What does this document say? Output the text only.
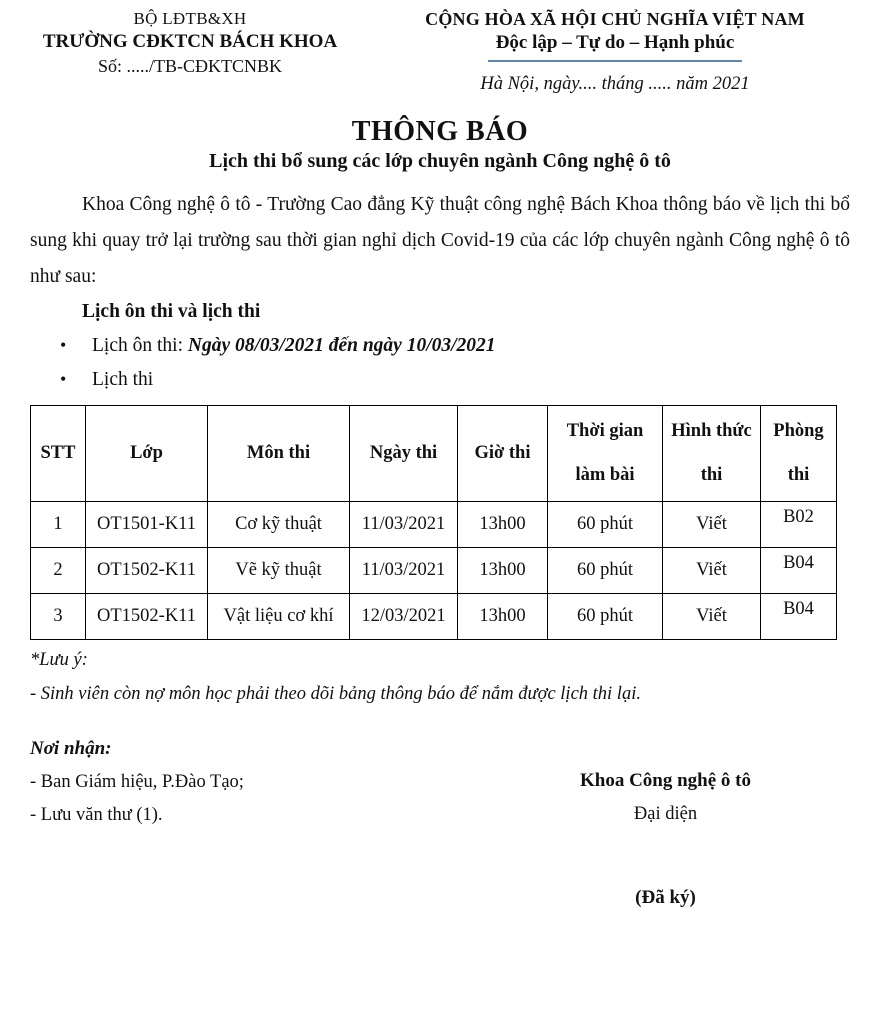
BỘ LĐTB&XH
TRƯỜNG CĐKTCN BÁCH KHOA
Số: ...../TB-CĐKTCNBK
CỘNG HÒA XÃ HỘI CHỦ NGHĨA VIỆT NAM
Độc lập – Tự do – Hạnh phúc
Hà Nội, ngày.... tháng ..... năm 2021
THÔNG BÁO
Lịch thi bổ sung các lớp chuyên ngành Công nghệ ô tô

Khoa Công nghệ ô tô - Trường Cao đẳng Kỹ thuật công nghệ Bách Khoa thông báo về lịch thi bổ sung khi quay trở lại trường sau thời gian nghỉ dịch Covid-19 của các lớp chuyên ngành Công nghệ ô tô như sau:

Lịch ôn thi và lịch thi
•	Lịch ôn thi: Ngày 08/03/2021 đến ngày 10/03/2021
•	Lịch thi
STT	Lớp	Môn thi	Ngày thi	Giờ thi	Thời gian làm bài	Hình thức thi	Phòng thi
1	OT1501-K11	Cơ kỹ thuật	11/03/2021	13h00	60 phút	Viết	B02
2	OT1502-K11	Vẽ kỹ thuật	11/03/2021	13h00	60 phút	Viết	B04
3	OT1502-K11	Vật liệu cơ khí	12/03/2021	13h00	60 phút	Viết	B04
*Lưu ý:
- Sinh viên còn nợ môn học phải theo dõi bảng thông báo để nắm được lịch thi lại.
Nơi nhận:
- Ban Giám hiệu, P.Đào Tạo;
- Lưu văn thư (1).
Khoa Công nghệ ô tô
Đại diện
(Đã ký)
